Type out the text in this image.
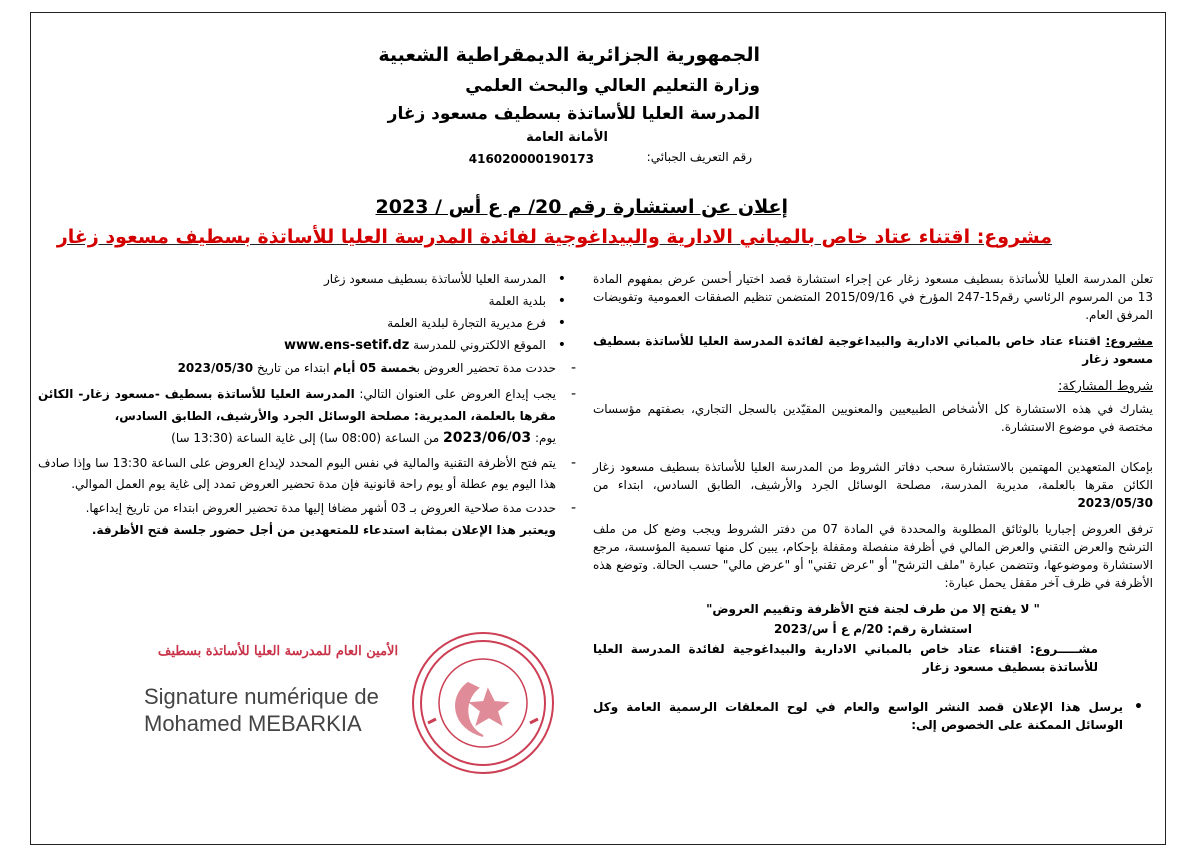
الجمهورية الجزائرية الديمقراطية الشعبية
وزارة التعليم العالي والبحث العلمي
المدرسة العليا للأساتذة بسطيف مسعود زغار
الأمانة العامة
رقم التعريف الجبائي:
416020000190173
إعلان عن استشارة رقم 20/ م ع أس / 2023
مشروع: اقتناء عتاد خاص بالمباني الادارية والبيداغوجية لفائدة المدرسة العليا للأساتذة بسطيف مسعود زغار

تعلن المدرسة العليا للأساتذة بسطيف مسعود زغار عن إجراء استشارة قصد اختيار أحسن عرض بمفهوم المادة 13 من المرسوم الرئاسي رقم15-247 المؤرخ في 2015/09/16 المتضمن تنظيم الصفقات العمومية وتفويضات المرفق العام.

مشروع: اقتناء عتاد خاص بالمباني الادارية والبيداغوجية لفائدة المدرسة العليا للأساتذة بسطيف مسعود زغار

شروط المشاركة:

يشارك في هذه الاستشارة كل الأشخاص الطبيعيين والمعنويين المقيّدين بالسجل التجاري، بصفتهم مؤسسات مختصة في موضوع الاستشارة.

بإمكان المتعهدين المهتمين بالاستشارة سحب دفاتر الشروط من المدرسة العليا للأساتذة بسطيف مسعود زغار الكائن مقرها بالعلمة، مديرية المدرسة، مصلحة الوسائل الجرد والأرشيف، الطابق السادس، ابتداء من 2023/05/30

ترفق العروض إجباريا بالوثائق المطلوبة والمحددة في المادة 07 من دفتر الشروط ويجب وضع كل من ملف الترشح والعرض التقني والعرض المالي في أظرفة منفصلة ومقفلة بإحكام، يبين كل منها تسمية المؤسسة، مرجع الاستشارة وموضوعها، وتتضمن عبارة "ملف الترشح" أو "عرض تقني" أو "عرض مالي" حسب الحالة. وتوضع هذه الأظرفة في ظرف آخر مقفل يحمل عبارة:

" لا يفتح إلا من طرف لجنة فتح الأظرفة وتقييم العروض"

استشارة رقم: 20/م ع أ س/2023

مشـــــروع: اقتناء عتاد خاص بالمباني الادارية والبيداغوجية لفائدة المدرسة العليا للأساتذة بسطيف مسعود زغار

• يرسل هذا الإعلان قصد النشر الواسع والعام في لوح المعلقات الرسمية العامة وكل الوسائل الممكنة على الخصوص إلى:
• المدرسة العليا للأساتذة بسطيف مسعود زغار
• بلدية العلمة
• فرع مديرية التجارة لبلدية العلمة
• الموقع الالكتروني للمدرسة www.ens-setif.dz
- حددت مدة تحضير العروض بخمسة 05 أيام ابتداء من تاريخ 2023/05/30
- يجب إيداع العروض على العنوان التالي: المدرسة العليا للأساتذة بسطيف -مسعود زغار- الكائن مقرها بالعلمة، المديرية: مصلحة الوسائل الجرد والأرشيف، الطابق السادس،
يوم: 2023/06/03 من الساعة (08:00 سا) إلى غاية الساعة (13:30 سا)
- يتم فتح الأظرفة التقنية والمالية في نفس اليوم المحدد لإيداع العروض على الساعة 13:30 سا وإذا صادف هذا اليوم يوم عطلة أو يوم راحة قانونية فإن مدة تحضير العروض تمدد إلى غاية يوم العمل الموالي.
- حددت مدة صلاحية العروض بـ 03 أشهر مضافا إليها مدة تحضير العروض ابتداء من تاريخ إيداعها.

ويعتبر هذا الإعلان بمثابة استدعاء للمتعهدين من أجل حضور جلسة فتح الأظرفة.

الأمين العام للمدرسة العليا للأساتذة بسطيف
Signature numérique de
Mohamed MEBARKIA
